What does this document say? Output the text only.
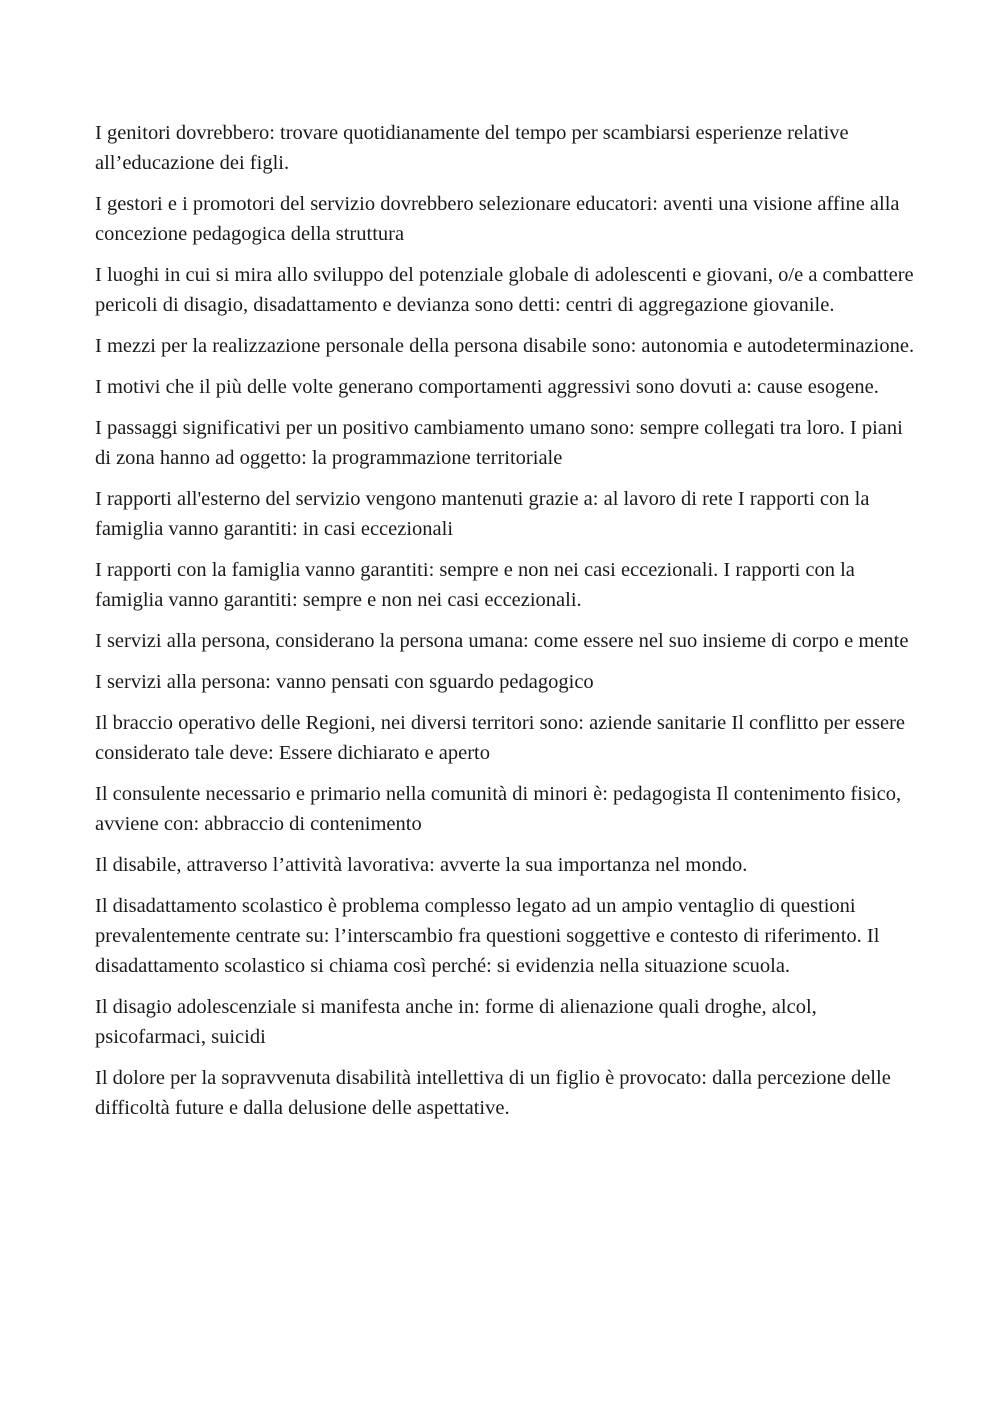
I genitori dovrebbero: trovare quotidianamente del tempo per scambiarsi esperienze relative all’educazione dei figli.

I gestori e i promotori del servizio dovrebbero selezionare educatori: aventi una visione affine alla concezione pedagogica della struttura

I luoghi in cui si mira allo sviluppo del potenziale globale di adolescenti e giovani, o/e a combattere pericoli di disagio, disadattamento e devianza sono detti: centri di aggregazione giovanile.

I mezzi per la realizzazione personale della persona disabile sono: autonomia e autodeterminazione.

I motivi che il più delle volte generano comportamenti aggressivi sono dovuti a: cause esogene.

I passaggi significativi per un positivo cambiamento umano sono: sempre collegati tra loro. I piani di zona hanno ad oggetto: la programmazione territoriale

I rapporti all'esterno del servizio vengono mantenuti grazie a: al lavoro di rete I rapporti con la famiglia vanno garantiti: in casi eccezionali

I rapporti con la famiglia vanno garantiti: sempre e non nei casi eccezionali. I rapporti con la famiglia vanno garantiti: sempre e non nei casi eccezionali.

I servizi alla persona, considerano la persona umana: come essere nel suo insieme di corpo e mente

I servizi alla persona: vanno pensati con sguardo pedagogico

Il braccio operativo delle Regioni, nei diversi territori sono: aziende sanitarie Il conflitto per essere considerato tale deve: Essere dichiarato e aperto

Il consulente necessario e primario nella comunità di minori è: pedagogista Il contenimento fisico, avviene con: abbraccio di contenimento

Il disabile, attraverso l’attività lavorativa: avverte la sua importanza nel mondo.

Il disadattamento scolastico è problema complesso legato ad un ampio ventaglio di questioni prevalentemente centrate su: l’interscambio fra questioni soggettive e contesto di riferimento. Il disadattamento scolastico si chiama così perché: si evidenzia nella situazione scuola.

Il disagio adolescenziale si manifesta anche in: forme di alienazione quali droghe, alcol, psicofarmaci, suicidi

Il dolore per la sopravvenuta disabilità intellettiva di un figlio è provocato: dalla percezione delle difficoltà future e dalla delusione delle aspettative.
